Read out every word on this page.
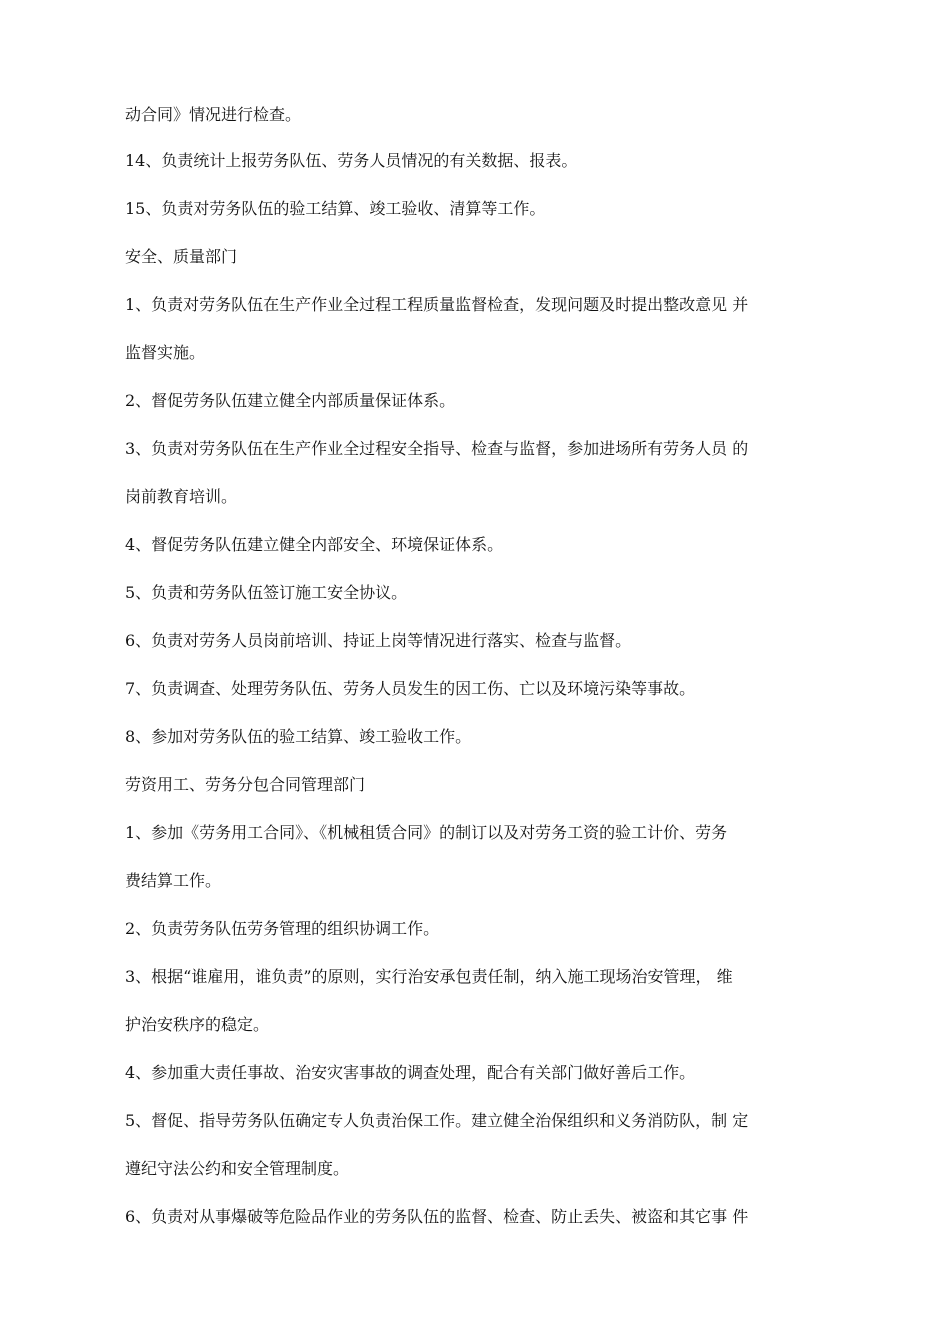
动合同》情况进行检查。

14、负责统计上报劳务队伍、劳务人员情况的有关数据、报表。

15、负责对劳务队伍的验工结算、竣工验收、清算等工作。

安全、质量部门

1、负责对劳务队伍在生产作业全过程工程质量监督检查，发现问题及时提出整改意见 并

监督实施。

2、督促劳务队伍建立健全内部质量保证体系。

3、负责对劳务队伍在生产作业全过程安全指导、检查与监督，参加进场所有劳务人员 的

岗前教育培训。

4、督促劳务队伍建立健全内部安全、环境保证体系。

5、负责和劳务队伍签订施工安全协议。

6、负责对劳务人员岗前培训、持证上岗等情况进行落实、检查与监督。

7、负责调查、处理劳务队伍、劳务人员发生的因工伤、亡以及环境污染等事故。

8、参加对劳务队伍的验工结算、竣工验收工作。

劳资用工、劳务分包合同管理部门

1、参加《劳务用工合同》、《机械租赁合同》的制订以及对劳务工资的验工计价、劳务

费结算工作。

2、负责劳务队伍劳务管理的组织协调工作。

3、根据“谁雇用，谁负责”的原则，实行治安承包责任制，纳入施工现场治安管理， 维

护治安秩序的稳定。

4、参加重大责任事故、治安灾害事故的调查处理，配合有关部门做好善后工作。

5、督促、指导劳务队伍确定专人负责治保工作。建立健全治保组织和义务消防队，制 定

遵纪守法公约和安全管理制度。

6、负责对从事爆破等危险品作业的劳务队伍的监督、检查、防止丢失、被盗和其它事 件
